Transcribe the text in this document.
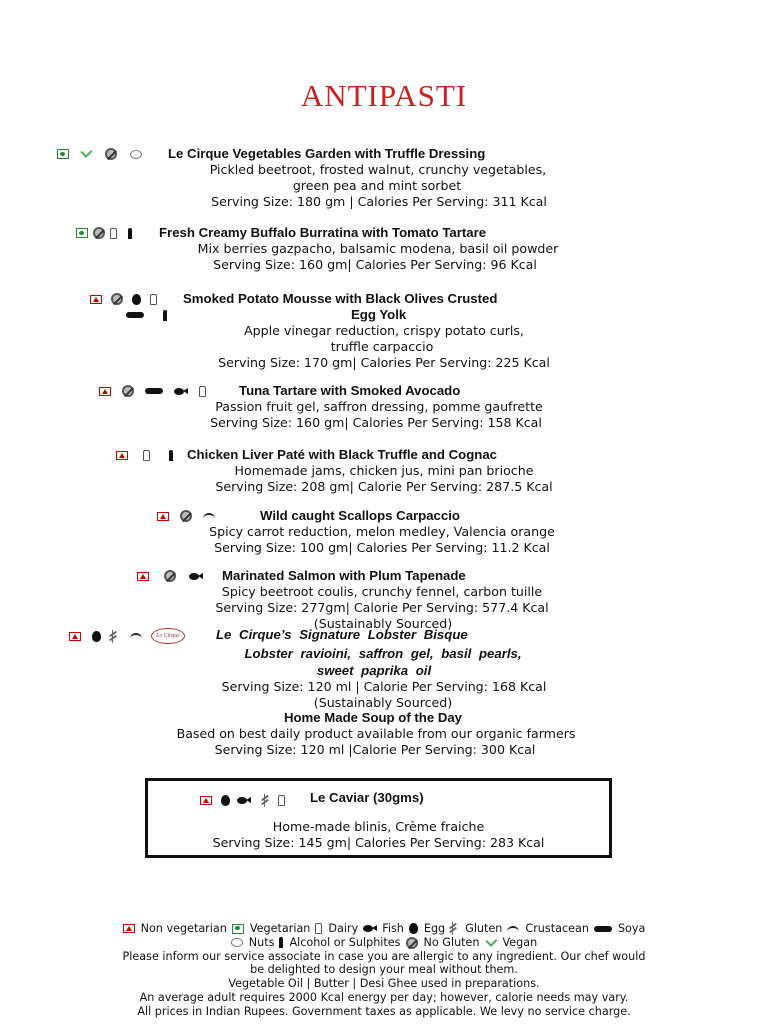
ANTIPASTI
Le Cirque Vegetables Garden with Truffle Dressing
Pickled beetroot, frosted walnut, crunchy vegetables,
green pea and mint sorbet
Serving Size: 180 gm | Calories Per Serving: 311 Kcal
Fresh Creamy Buffalo Burratina with Tomato Tartare
Mix berries gazpacho, balsamic modena, basil oil powder
Serving Size: 160 gm| Calories Per Serving: 96 Kcal
Smoked Potato Mousse with Black Olives Crusted
Egg Yolk
Apple vinegar reduction, crispy potato curls,
truffle carpaccio
Serving Size: 170 gm| Calories Per Serving: 225 Kcal
Tuna Tartare with Smoked Avocado
Passion fruit gel, saffron dressing, pomme gaufrette
Serving Size: 160 gm| Calories Per Serving: 158 Kcal
Chicken Liver Paté with Black Truffle and Cognac
Homemade jams, chicken jus, mini pan brioche
Serving Size: 208 gm| Calorie Per Serving: 287.5 Kcal
Wild caught Scallops Carpaccio
Spicy carrot reduction, melon medley, Valencia orange
Serving Size: 100 gm| Calories Per Serving: 11.2 Kcal
Marinated Salmon with Plum Tapenade
Spicy beetroot coulis, crunchy fennel, carbon tuille
Serving Size: 277gm| Calorie Per Serving: 577.4 Kcal
(Sustainably Sourced)
Le Cirque	Le Cirque’s Signature Lobster Bisque
Lobster ravioini, saffron gel, basil pearls,
sweet paprika oil
Serving Size: 120 ml | Calorie Per Serving: 168 Kcal
(Sustainably Sourced)
Home Made Soup of the Day
Based on best daily product available from our organic farmers
Serving Size: 120 ml |Calorie Per Serving: 300 Kcal
Le Caviar (30gms)
Home-made blinis, Crème fraiche
Serving Size: 145 gm| Calories Per Serving: 283 Kcal
Non vegetarian Vegetarian Dairy Fish Egg Gluten Crustacean	Soya
Nuts Alcohol or Sulphites No Gluten Vegan
Please inform our service associate in case you are allergic to any ingredient. Our chef would
be delighted to design your meal without them.
Vegetable Oil | Butter | Desi Ghee used in preparations.
An average adult requires 2000 Kcal energy per day; however, calorie needs may vary.
All prices in Indian Rupees. Government taxes as applicable. We levy no service charge.
